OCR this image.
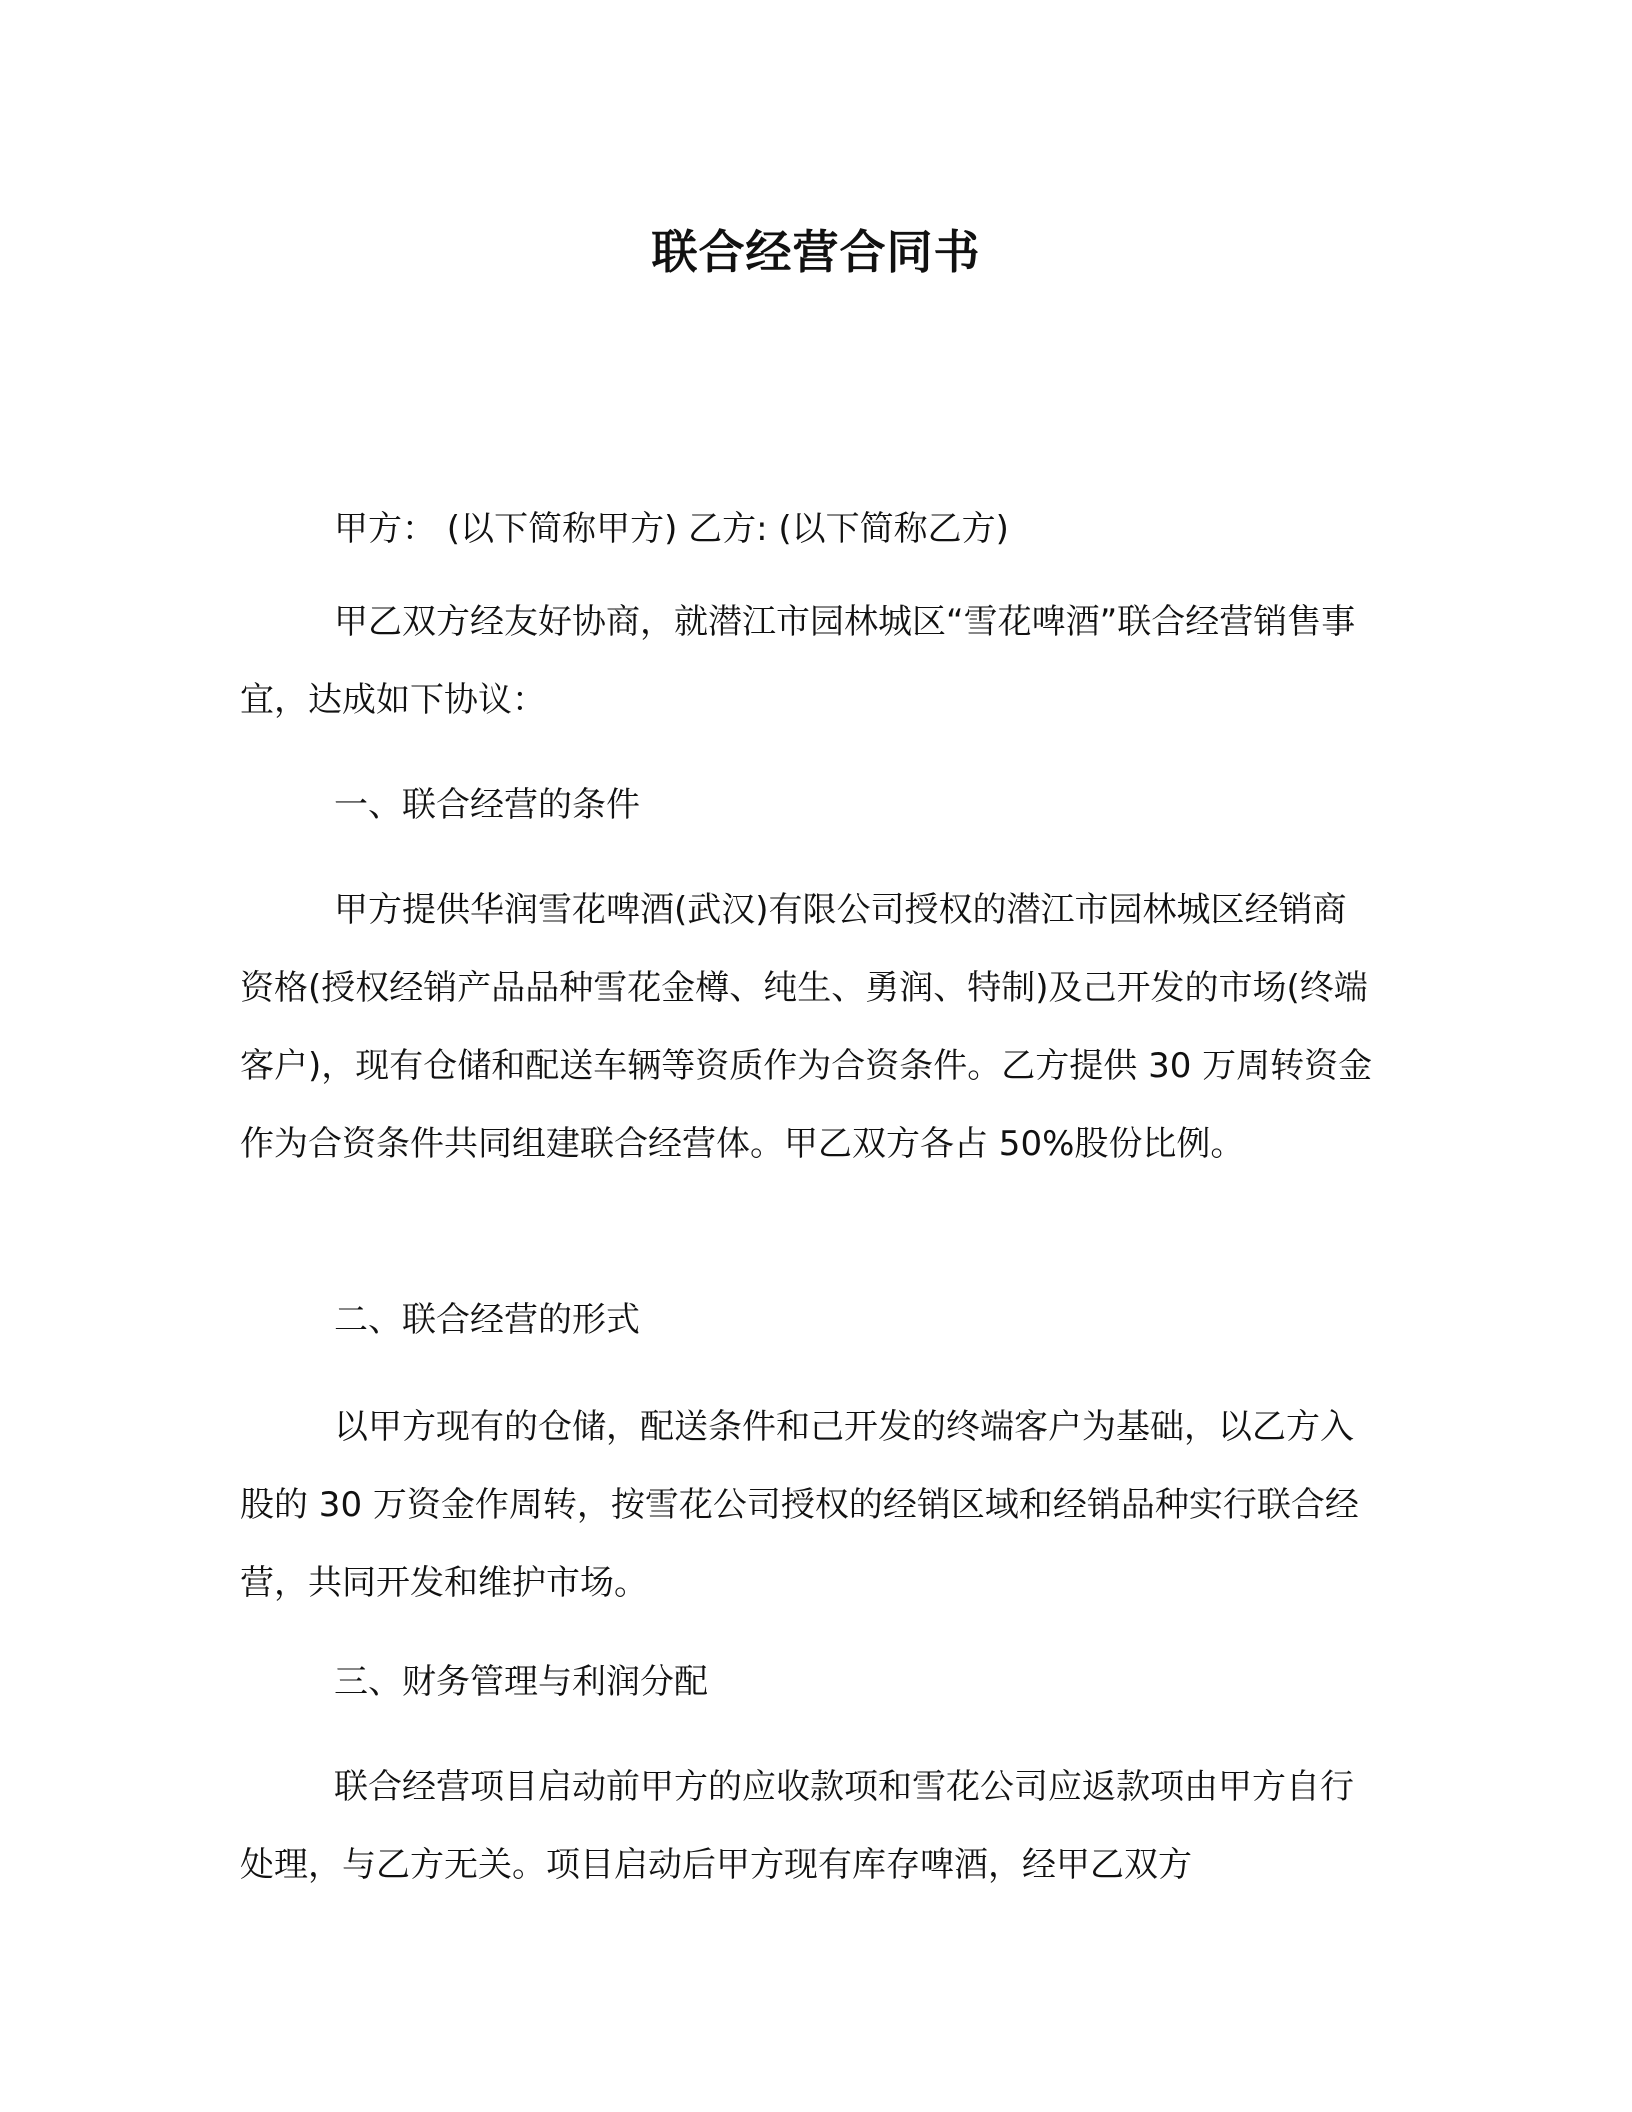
联合经营合同书
甲方： (以下简称甲方) 乙方: (以下简称乙方)
甲乙双方经友好协商，就潜江市园林城区“雪花啤酒”联合经营销售事宜，达成如下协议：
一、联合经营的条件
甲方提供华润雪花啤酒(武汉)有限公司授权的潜江市园林城区经销商资格(授权经销产品品种雪花金樽、纯生、勇润、特制)及己开发的市场(终端客户)，现有仓储和配送车辆等资质作为合资条件。乙方提供 30 万周转资金作为合资条件共同组建联合经营体。甲乙双方各占 50%股份比例。
二、联合经营的形式
以甲方现有的仓储，配送条件和己开发的终端客户为基础，以乙方入股的 30 万资金作周转，按雪花公司授权的经销区域和经销品种实行联合经营，共同开发和维护市场。
三、财务管理与利润分配
联合经营项目启动前甲方的应收款项和雪花公司应返款项由甲方自行处理，与乙方无关。项目启动后甲方现有库存啤酒，经甲乙双方
